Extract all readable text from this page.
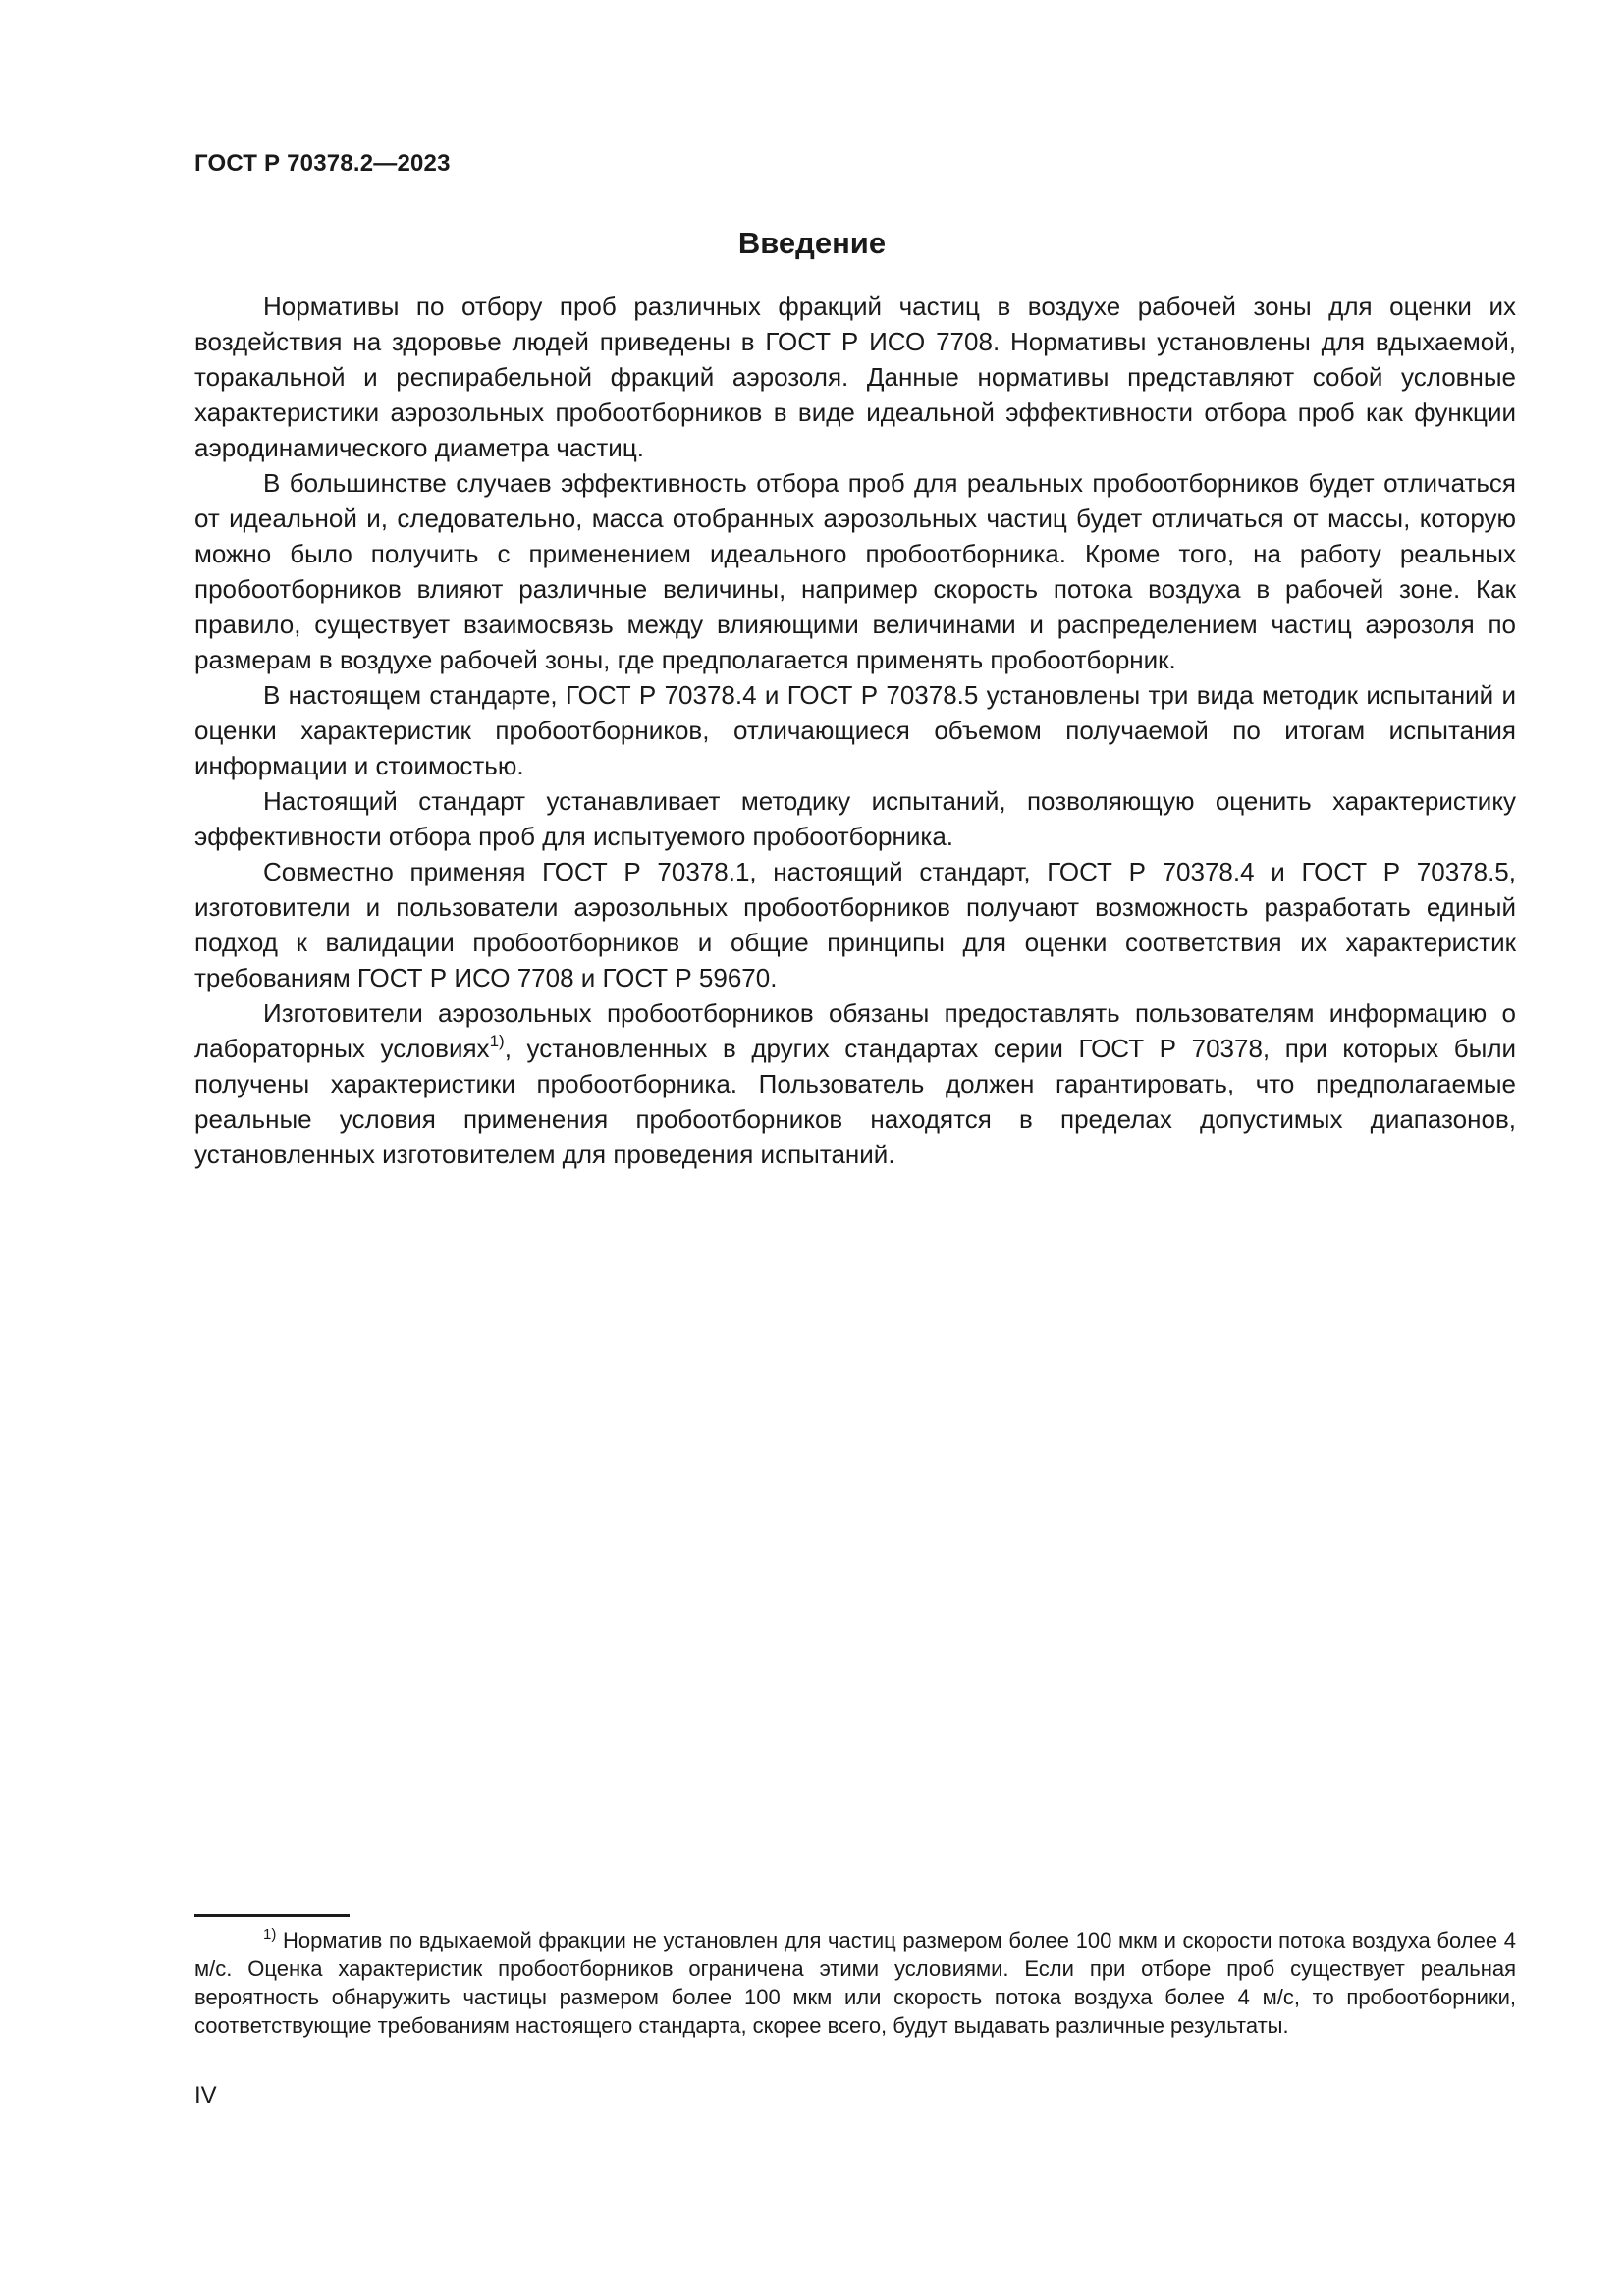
ГОСТ Р 70378.2—2023
Введение

Нормативы по отбору проб различных фракций частиц в воздухе рабочей зоны для оценки их воздействия на здоровье людей приведены в ГОСТ Р ИСО 7708. Нормативы установлены для вдыхаемой, торакальной и респирабельной фракций аэрозоля. Данные нормативы представляют собой условные характеристики аэрозольных пробоотборников в виде идеальной эффективности отбора проб как функции аэродинамического диаметра частиц.

В большинстве случаев эффективность отбора проб для реальных пробоотборников будет отличаться от идеальной и, следовательно, масса отобранных аэрозольных частиц будет отличаться от массы, которую можно было получить с применением идеального пробоотборника. Кроме того, на работу реальных пробоотборников влияют различные величины, например скорость потока воздуха в рабочей зоне. Как правило, существует взаимосвязь между влияющими величинами и распределением частиц аэрозоля по размерам в воздухе рабочей зоны, где предполагается применять пробоотборник.

В настоящем стандарте, ГОСТ Р 70378.4 и ГОСТ Р 70378.5 установлены три вида методик испытаний и оценки характеристик пробоотборников, отличающиеся объемом получаемой по итогам испытания информации и стоимостью.

Настоящий стандарт устанавливает методику испытаний, позволяющую оценить характеристику эффективности отбора проб для испытуемого пробоотборника.

Совместно применяя ГОСТ Р 70378.1, настоящий стандарт, ГОСТ Р 70378.4 и ГОСТ Р 70378.5, изготовители и пользователи аэрозольных пробоотборников получают возможность разработать единый подход к валидации пробоотборников и общие принципы для оценки соответствия их характеристик требованиям ГОСТ Р ИСО 7708 и ГОСТ Р 59670.

Изготовители аэрозольных пробоотборников обязаны предоставлять пользователям информацию о лабораторных условиях$^{1)}$, установленных в других стандартах серии ГОСТ Р 70378, при которых были получены характеристики пробоотборника. Пользователь должен гарантировать, что предполагаемые реальные условия применения пробоотборников находятся в пределах допустимых диапазонов, установленных изготовителем для проведения испытаний.

$^{1)}$ Норматив по вдыхаемой фракции не установлен для частиц размером более 100 мкм и скорости потока воздуха более 4 м/с. Оценка характеристик пробоотборников ограничена этими условиями. Если при отборе проб существует реальная вероятность обнаружить частицы размером более 100 мкм или скорость потока воздуха более 4 м/с, то пробоотборники, соответствующие требованиям настоящего стандарта, скорее всего, будут выдавать различные результаты.
IV
